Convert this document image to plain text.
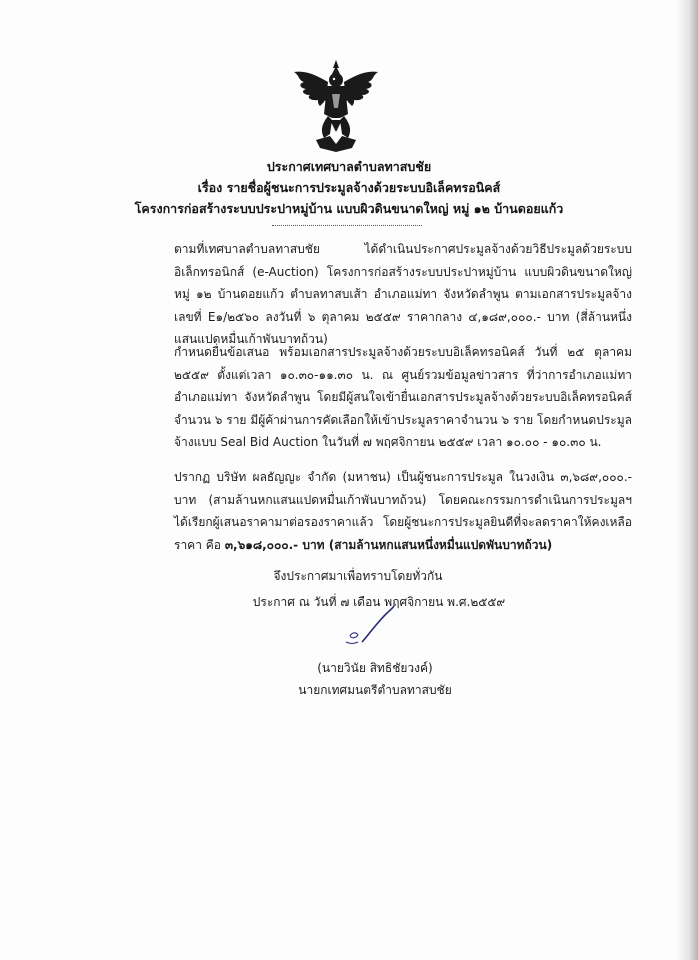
ประกาศเทศบาลตำบลทาสบชัย
เรื่อง รายชื่อผู้ชนะการประมูลจ้างด้วยระบบอิเล็คทรอนิคส์
โครงการก่อสร้างระบบประปาหมู่บ้าน แบบผิวดินขนาดใหญ่ หมู่ ๑๒ บ้านดอยแก้ว

ตามที่เทศบาลตำบลทาสบชัย ได้ดำเนินประกาศประมูลจ้างด้วยวิธีประมูลด้วยระบบอิเล็กทรอนิกส์ (e-Auction) โครงการก่อสร้างระบบประปาหมู่บ้าน แบบผิวดินขนาดใหญ่ หมู่ ๑๒ บ้านดอยแก้ว ตำบลทาสบเส้า อำเภอแม่ทา จังหวัดลำพูน ตามเอกสารประมูลจ้าง เลขที่ E๑/๒๕๖๐ ลงวันที่ ๖ ตุลาคม ๒๕๕๙ ราคากลาง ๔,๑๘๙,๐๐๐.- บาท (สี่ล้านหนึ่งแสนแปดหมื่นเก้าพันบาทถ้วน)

กำหนดยื่นข้อเสนอ พร้อมเอกสารประมูลจ้างด้วยระบบอิเล็คทรอนิคส์ วันที่ ๒๕ ตุลาคม ๒๕๕๙ ตั้งแต่เวลา ๑๐.๓๐-๑๑.๓๐ น. ณ ศูนย์รวมข้อมูลข่าวสาร ที่ว่าการอำเภอแม่ทา อำเภอแม่ทา จังหวัดลำพูน โดยมีผู้สนใจเข้ายื่นเอกสารประมูลจ้างด้วยระบบอิเล็คทรอนิคส์ จำนวน ๖ ราย มีผู้ค้าผ่านการคัดเลือกให้เข้าประมูลราคาจำนวน ๖ ราย โดยกำหนดประมูลจ้างแบบ Seal Bid Auction ในวันที่ ๗ พฤศจิกายน ๒๕๕๙ เวลา ๑๐.๐๐ - ๑๐.๓๐ น.

ปรากฏ บริษัท ผลธัญญะ จำกัด (มหาชน) เป็นผู้ชนะการประมูล ในวงเงิน ๓,๖๘๙,๐๐๐.- บาท (สามล้านหกแสนแปดหมื่นเก้าพันบาทถ้วน) โดยคณะกรรมการดำเนินการประมูลฯ ได้เรียกผู้เสนอราคามาต่อรองราคาแล้ว โดยผู้ชนะการประมูลยินดีที่จะลดราคาให้คงเหลือราคา คือ ๓,๖๑๘,๐๐๐.- บาท (สามล้านหกแสนหนึ่งหมื่นแปดพันบาทถ้วน)

จึงประกาศมาเพื่อทราบโดยทั่วกัน
ประกาศ ณ วันที่ ๗ เดือน พฤศจิกายน พ.ศ.๒๕๕๙
(นายวินัย สิทธิชัยวงค์)
นายกเทศมนตรีตำบลทาสบชัย
